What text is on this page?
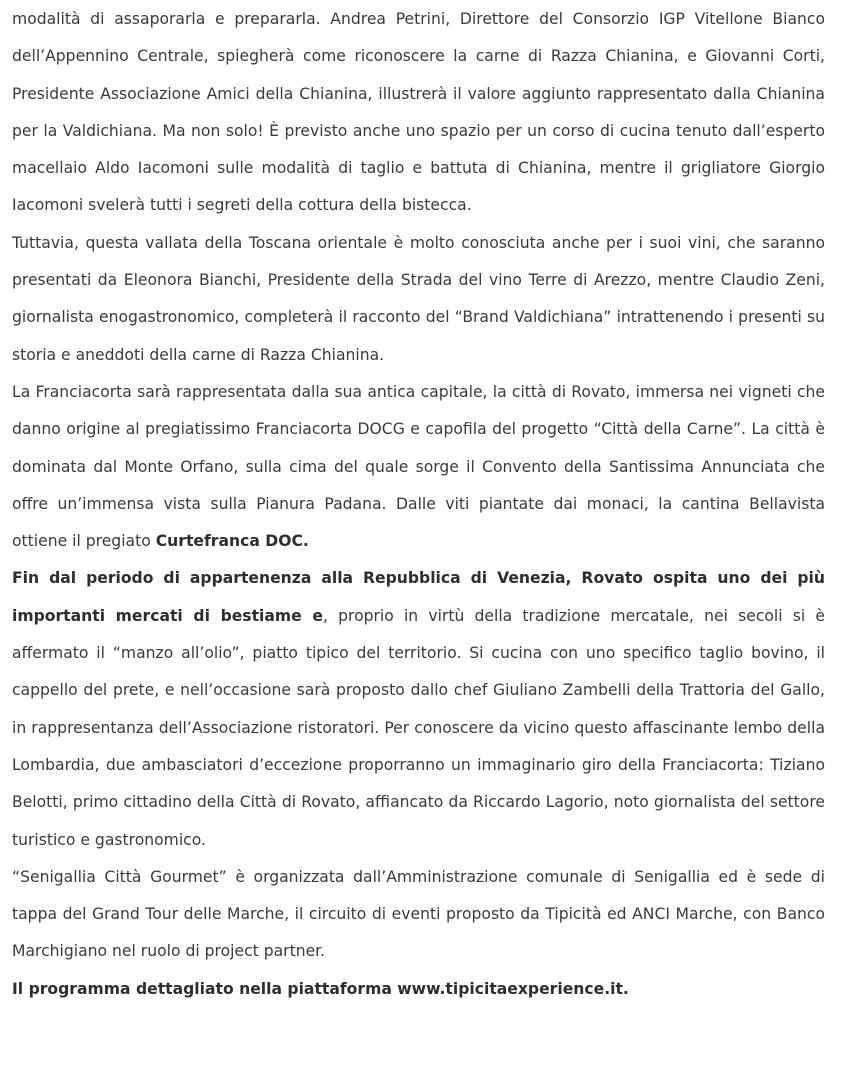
modalità di assaporarla e prepararla. Andrea Petrini, Direttore del Consorzio IGP Vitellone Bianco dell’Appennino Centrale, spiegherà come riconoscere la carne di Razza Chianina, e Giovanni Corti, Presidente Associazione Amici della Chianina, illustrerà il valore aggiunto rappresentato dalla Chianina per la Valdichiana. Ma non solo! È previsto anche uno spazio per un corso di cucina tenuto dall’esperto macellaio Aldo Iacomoni sulle modalità di taglio e battuta di Chianina, mentre il grigliatore Giorgio Iacomoni svelerà tutti i segreti della cottura della bistecca.

Tuttavia, questa vallata della Toscana orientale è molto conosciuta anche per i suoi vini, che saranno presentati da Eleonora Bianchi, Presidente della Strada del vino Terre di Arezzo, mentre Claudio Zeni, giornalista enogastronomico, completerà il racconto del “Brand Valdichiana” intrattenendo i presenti su storia e aneddoti della carne di Razza Chianina.

La Franciacorta sarà rappresentata dalla sua antica capitale, la città di Rovato, immersa nei vigneti che danno origine al pregiatissimo Franciacorta DOCG e capofila del progetto “Città della Carne”. La città è dominata dal Monte Orfano, sulla cima del quale sorge il Convento della Santissima Annunciata che offre un’immensa vista sulla Pianura Padana. Dalle viti piantate dai monaci, la cantina Bellavista ottiene il pregiato Curtefranca DOC.

Fin dal periodo di appartenenza alla Repubblica di Venezia, Rovato ospita uno dei più importanti mercati di bestiame e, proprio in virtù della tradizione mercatale, nei secoli si è affermato il “manzo all’olio”, piatto tipico del territorio. Si cucina con uno specifico taglio bovino, il cappello del prete, e nell’occasione sarà proposto dallo chef Giuliano Zambelli della Trattoria del Gallo, in rappresentanza dell’Associazione ristoratori. Per conoscere da vicino questo affascinante lembo della Lombardia, due ambasciatori d’eccezione proporranno un immaginario giro della Franciacorta: Tiziano Belotti, primo cittadino della Città di Rovato, affiancato da Riccardo Lagorio, noto giornalista del settore turistico e gastronomico.

“Senigallia Città Gourmet” è organizzata dall’Amministrazione comunale di Senigallia ed è sede di tappa del Grand Tour delle Marche, il circuito di eventi proposto da Tipicità ed ANCI Marche, con Banco Marchigiano nel ruolo di project partner.

Il programma dettagliato nella piattaforma www.tipicitaexperience.it.
